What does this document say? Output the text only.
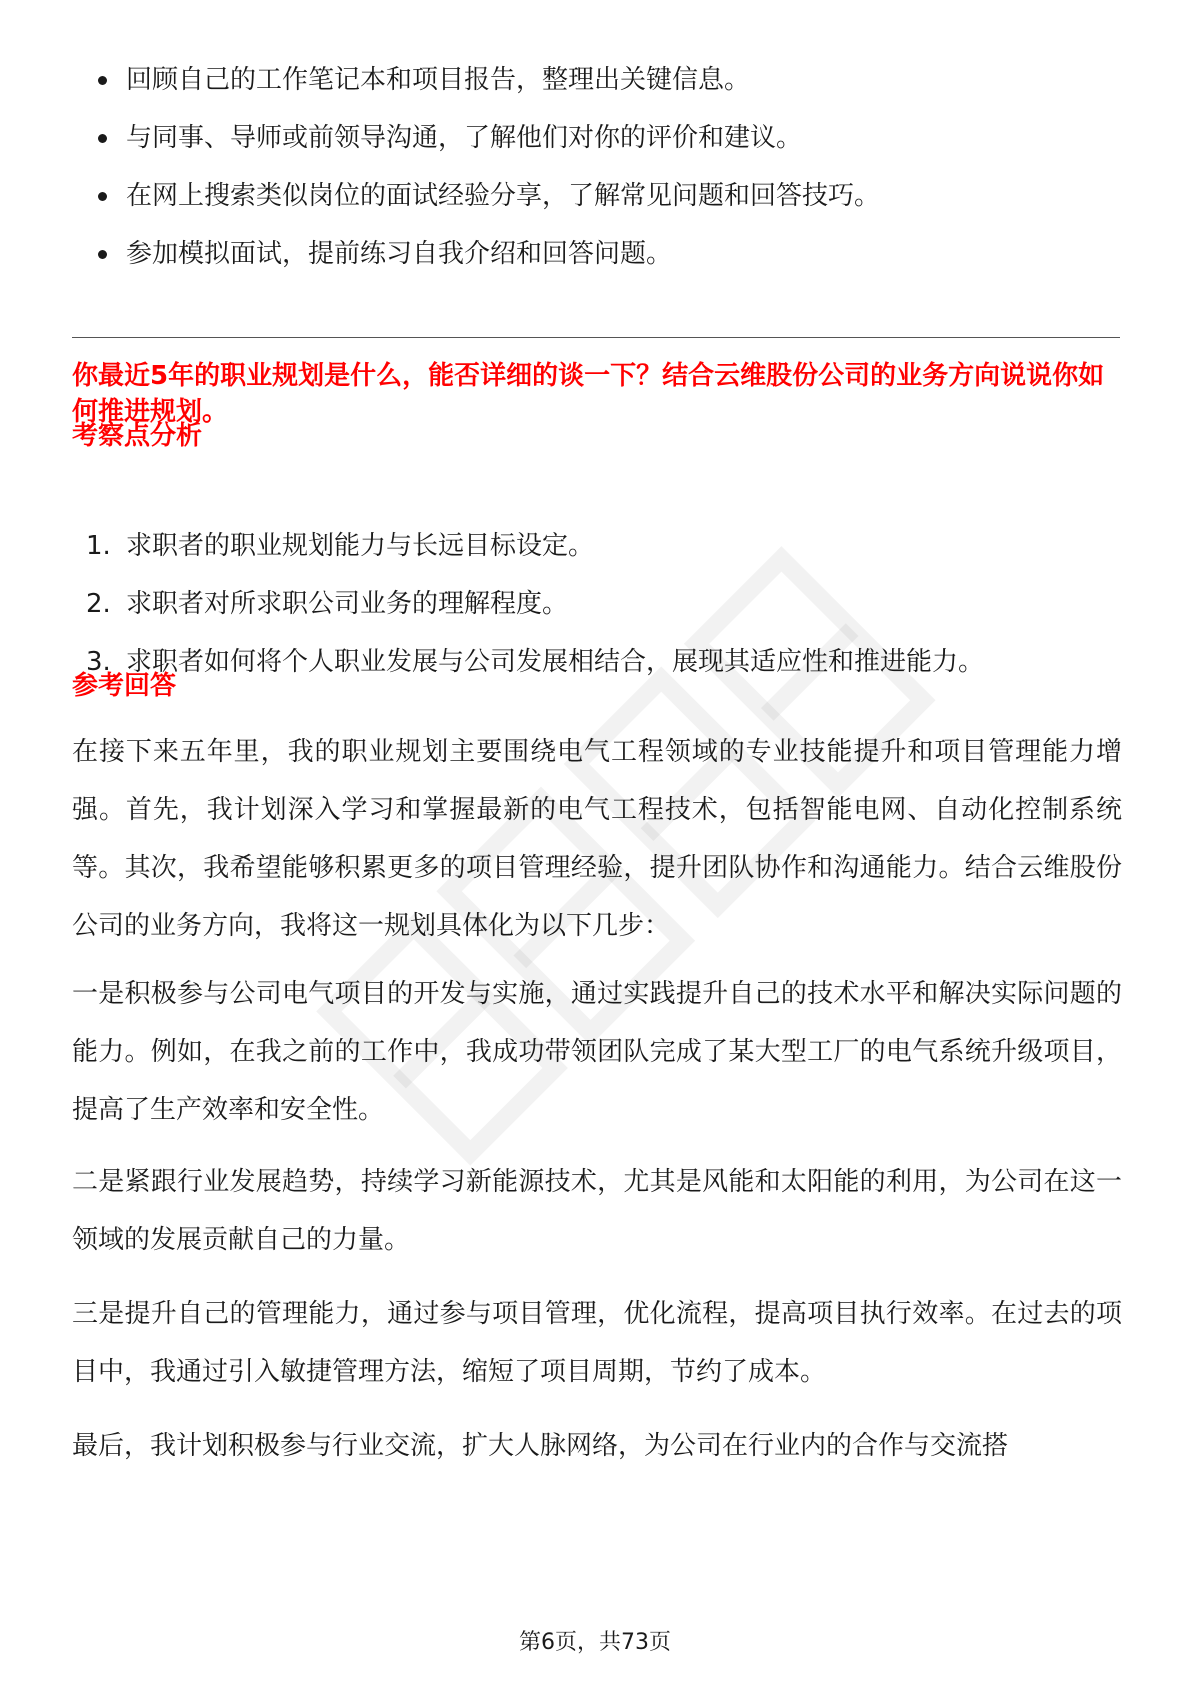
回顾自己的工作笔记本和项目报告，整理出关键信息。
与同事、导师或前领导沟通，了解他们对你的评价和建议。
在网上搜索类似岗位的面试经验分享，了解常见问题和回答技巧。
参加模拟面试，提前练习自我介绍和回答问题。

你最近5年的职业规划是什么，能否详细的谈一下？结合云维股份公司的业务方向说说你如何推进规划。

考察点分析
1. 求职者的职业规划能力与长远目标设定。
2. 求职者对所求职公司业务的理解程度。
3. 求职者如何将个人职业发展与公司发展相结合，展现其适应性和推进能力。
参考回答

在接下来五年里，我的职业规划主要围绕电气工程领域的专业技能提升和项目管理能力增强。首先，我计划深入学习和掌握最新的电气工程技术，包括智能电网、自动化控制系统等。其次，我希望能够积累更多的项目管理经验，提升团队协作和沟通能力。结合云维股份公司的业务方向，我将这一规划具体化为以下几步：

一是积极参与公司电气项目的开发与实施，通过实践提升自己的技术水平和解决实际问题的能力。例如，在我之前的工作中，我成功带领团队完成了某大型工厂的电气系统升级项目，提高了生产效率和安全性。

二是紧跟行业发展趋势，持续学习新能源技术，尤其是风能和太阳能的利用，为公司在这一领域的发展贡献自己的力量。

三是提升自己的管理能力，通过参与项目管理，优化流程，提高项目执行效率。在过去的项目中，我通过引入敏捷管理方法，缩短了项目周期，节约了成本。

最后，我计划积极参与行业交流，扩大人脉网络，为公司在行业内的合作与交流搭

第6页，共73页
